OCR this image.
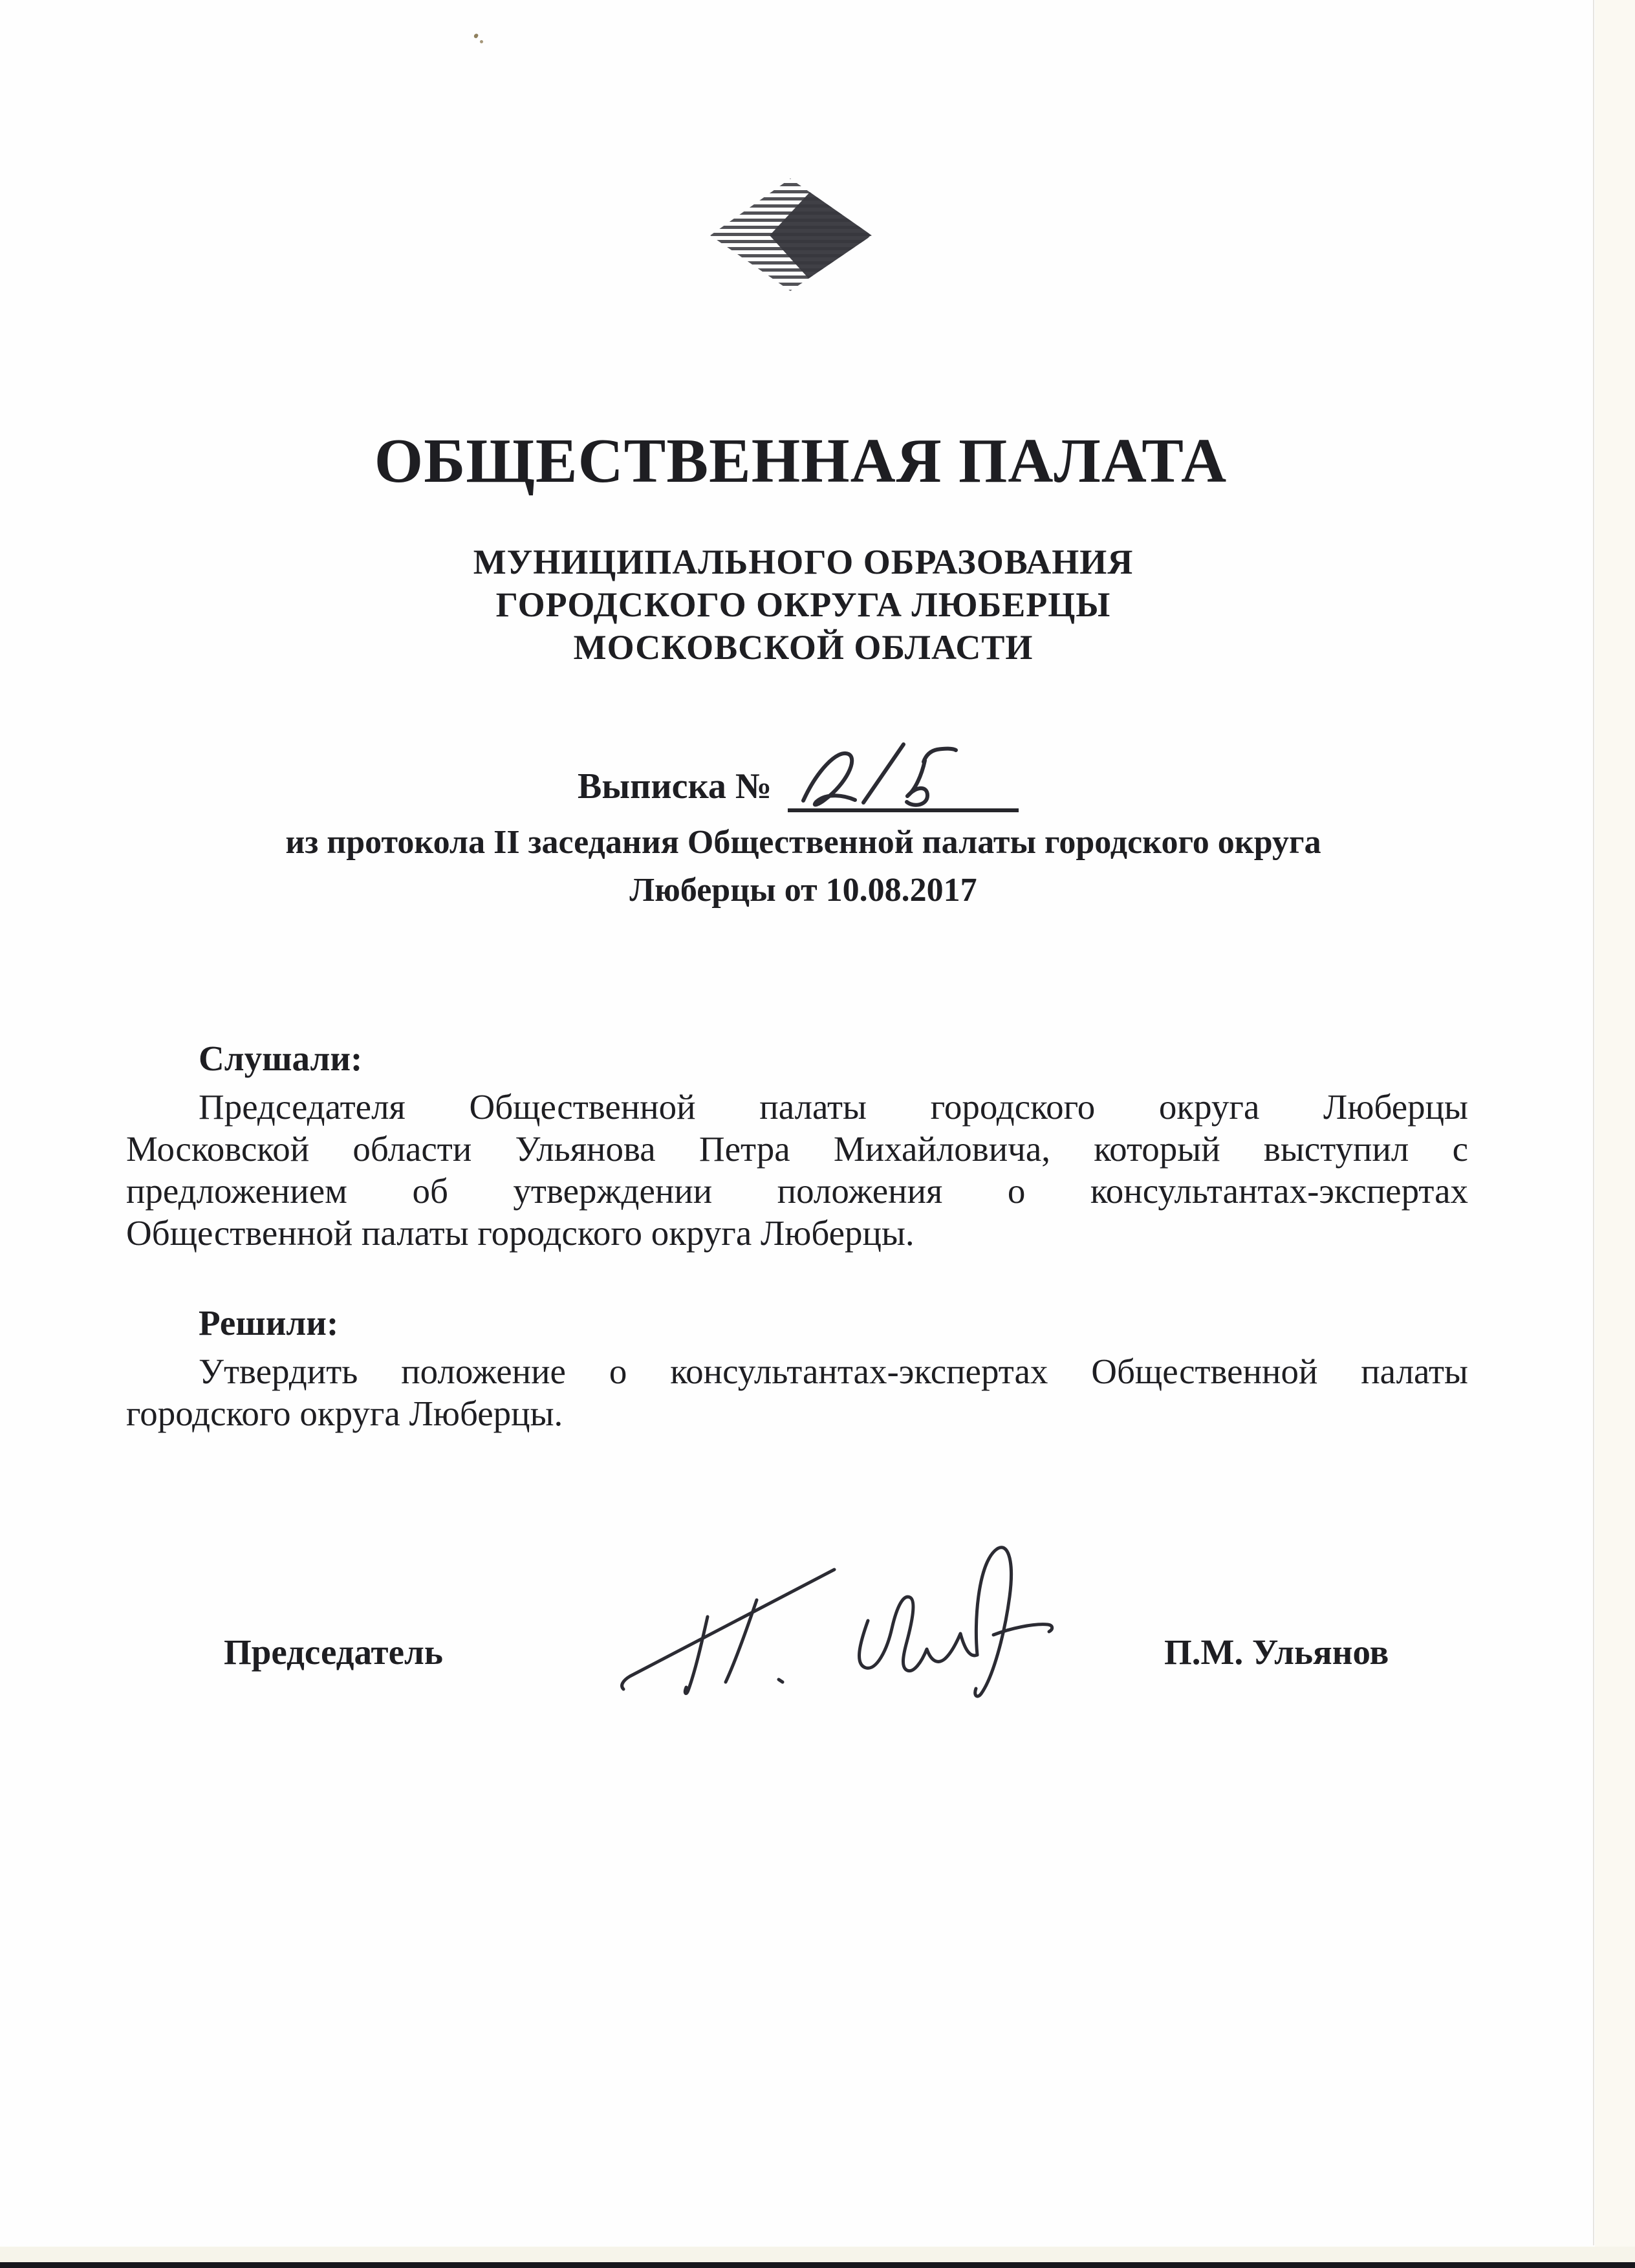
ОБЩЕСТВЕННАЯ ПАЛАТА
МУНИЦИПАЛЬНОГО ОБРАЗОВАНИЯ
ГОРОДСКОГО ОКРУГА ЛЮБЕРЦЫ
МОСКОВСКОЙ ОБЛАСТИ
Выписка №
из протокола II заседания Общественной палаты городского округа
Люберцы от 10.08.2017
Слушали:
Председателя Общественной палаты городского округа Люберцы
Московской области Ульянова Петра Михайловича, который выступил с
предложением об утверждении положения о консультантах-экспертах
Общественной палаты городского округа Люберцы.
Решили:
Утвердить положение о консультантах-экспертах Общественной палаты
городского округа Люберцы.
Председатель	П.М. Ульянов
